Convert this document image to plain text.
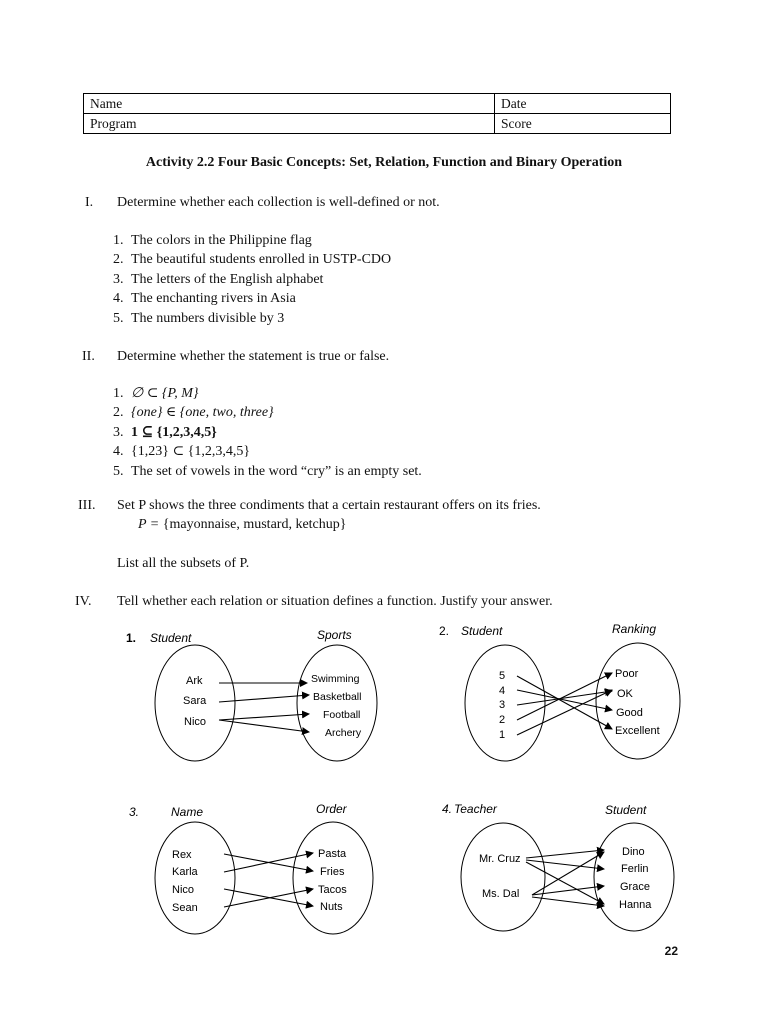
Name	Date
Program	Score
Activity 2.2 Four Basic Concepts: Set, Relation, Function and Binary Operation
I. Determine whether each collection is well-defined or not.
1. The colors in the Philippine flag
2. The beautiful students enrolled in USTP-CDO
3. The letters of the English alphabet
4. The enchanting rivers in Asia
5. The numbers divisible by 3
II. Determine whether the statement is true or false.
1. ∅ ⊂ {P, M}
2. {one} ∈ {one, two, three}
3. 1 ⊆ {1,2,3,4,5}
4. {1,23} ⊂ {1,2,3,4,5}
5. The set of vowels in the word “cry” is an empty set.
III. Set P shows the three condiments that a certain restaurant offers on its fries.
P = {mayonnaise, mustard, ketchup}
List all the subsets of P.
IV. Tell whether each relation or situation defines a function. Justify your answer.
1. Student	Sports
Ark
Sara
Nico
Swimming
Basketball
Football
Archery
2. Student	Ranking
5
4
3
2
1
Poor
OK
Good
Excellent
3.	Name	Order
Rex
Karla
Nico
Sean
Pasta
Fries
Tacos
Nuts
4. Teacher	Student
Mr. Cruz
Ms. Dal
Dino
Ferlin
Grace
Hanna
22
